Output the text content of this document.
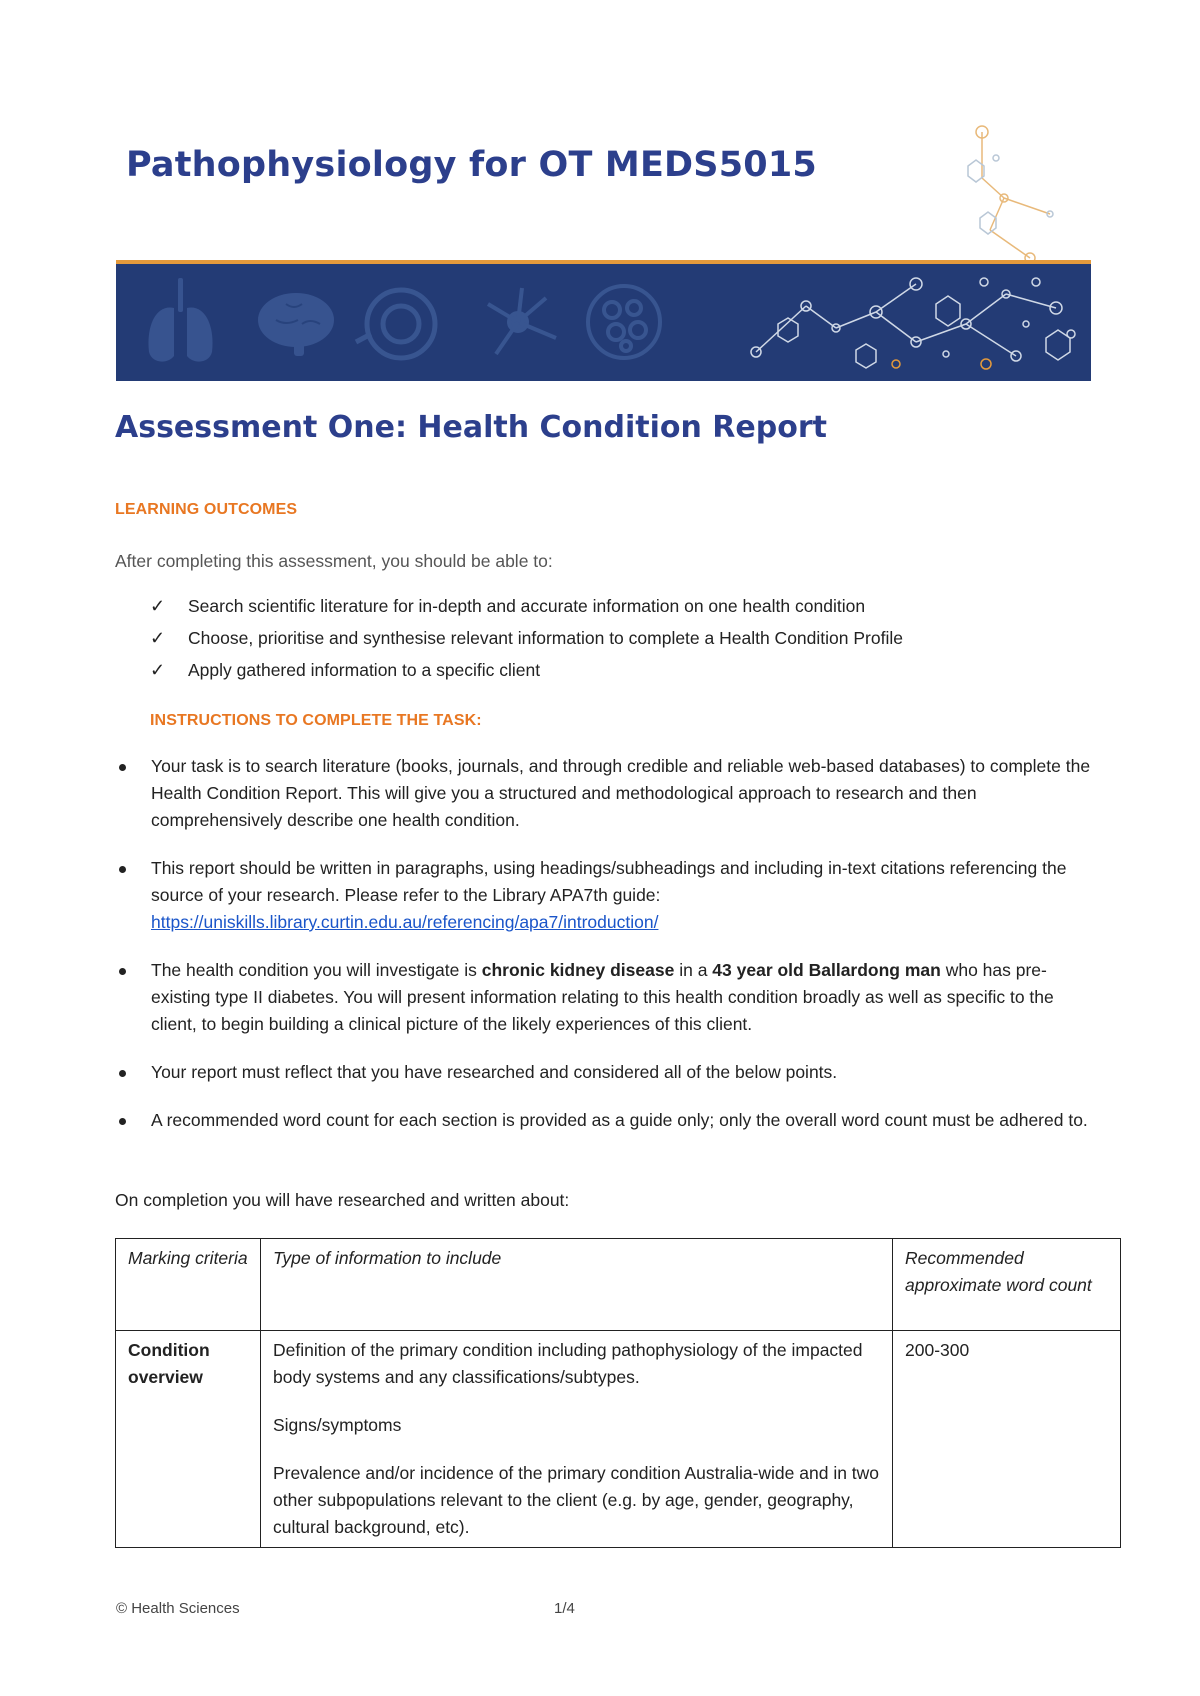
Pathophysiology for OT MEDS5015
Assessment One: Health Condition Report
LEARNING OUTCOMES

After completing this assessment, you should be able to:

✓ Search scientific literature for in-depth and accurate information on one health condition
✓ Choose, prioritise and synthesise relevant information to complete a Health Condition Profile
✓ Apply gathered information to a specific client
INSTRUCTIONS TO COMPLETE THE TASK:
Your task is to search literature (books, journals, and through credible and reliable web-based databases) to complete the Health Condition Report. This will give you a structured and methodological approach to research and then comprehensively describe one health condition.
This report should be written in paragraphs, using headings/subheadings and including in-text citations referencing the source of your research. Please refer to the Library APA7th guide:
https://uniskills.library.curtin.edu.au/referencing/apa7/introduction/
The health condition you will investigate is chronic kidney disease in a 43 year old Ballardong man who has pre-existing type II diabetes. You will present information relating to this health condition broadly as well as specific to the client, to begin building a clinical picture of the likely experiences of this client.
Your report must reflect that you have researched and considered all of the below points.
A recommended word count for each section is provided as a guide only; only the overall word count must be adhered to.

On completion you will have researched and written about:

Marking criteria	Type of information to include	Recommended approximate word count
Condition overview	Definition of the primary condition including pathophysiology of the impacted body systems and any classifications/subtypes.
Signs/symptoms
Prevalence and/or incidence of the primary condition Australia-wide and in two other subpopulations relevant to the client (e.g. by age, gender, geography, cultural background, etc).	200-300
© Health Sciences	1/4
